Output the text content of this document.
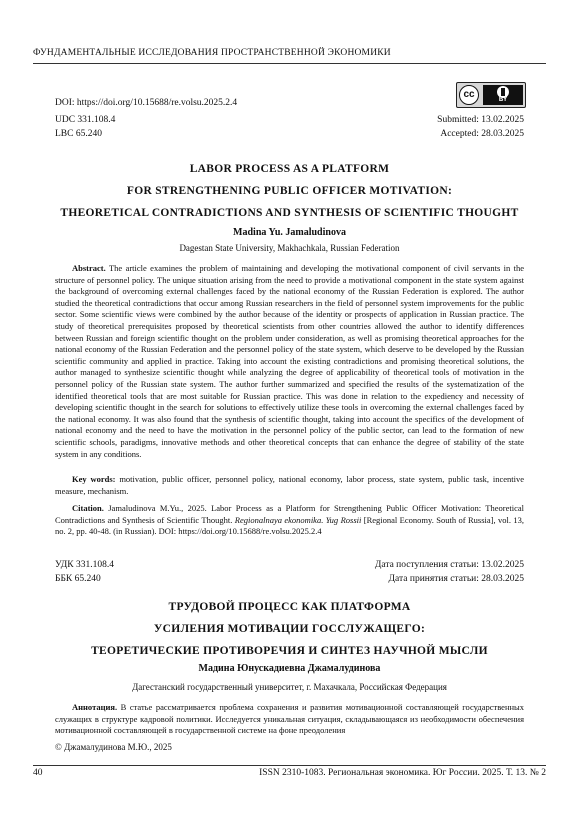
ФУНДАМЕНТАЛЬНЫЕ ИССЛЕДОВАНИЯ ПРОСТРАНСТВЕННОЙ ЭКОНОМИКИ
DOI: https://doi.org/10.15688/re.volsu.2025.2.4
cc	BY
UDC 331.108.4
LBC 65.240
Submitted: 13.02.2025
Accepted: 28.03.2025
LABOR PROCESS AS A PLATFORM
FOR STRENGTHENING PUBLIC OFFICER MOTIVATION:
THEORETICAL CONTRADICTIONS AND SYNTHESIS OF SCIENTIFIC THOUGHT
Madina Yu. Jamaludinova
Dagestan State University, Makhachkala, Russian Federation

Abstract. The article examines the problem of maintaining and developing the motivational component of civil servants in the structure of personnel policy. The unique situation arising from the need to provide a motivational component in the state system against the background of overcoming external challenges faced by the national economy of the Russian Federation is explored. The author studied the theoretical contradictions that occur among Russian researchers in the field of personnel system improvements for the public sector. Some scientific views were combined by the author because of the identity or prospects of application in Russian practice. The study of theoretical prerequisites proposed by theoretical scientists from other countries allowed the author to identify differences between Russian and foreign scientific thought on the problem under consideration, as well as promising theoretical approaches for the national economy of the Russian Federation and the personnel policy of the state system, which deserve to be developed by the Russian scientific community and applied in practice. Taking into account the existing contradictions and promising theoretical solutions, the author managed to synthesize scientific thought while analyzing the degree of applicability of theoretical tools of motivation in the personnel policy of the Russian state system. The author further summarized and specified the results of the systematization of the identified theoretical tools that are most suitable for Russian practice. This was done in relation to the expediency and necessity of developing scientific thought in the search for solutions to effectively utilize these tools in overcoming the external challenges faced by the national economy. It was also found that the synthesis of scientific thought, taking into account the specifics of the development of national economy and the need to have the motivation in the personnel policy of the public sector, can lead to the formation of new scientific schools, paradigms, innovative methods and other theoretical concepts that can enhance the degree of stability of the state system in any conditions.

Key words: motivation, public officer, personnel policy, national economy, labor process, state system, public task, incentive measure, mechanism.

Citation. Jamaludinova M.Yu., 2025. Labor Process as a Platform for Strengthening Public Officer Motivation: Theoretical Contradictions and Synthesis of Scientific Thought. Regionalnaya ekonomika. Yug Rossii [Regional Economy. South of Russia], vol. 13, no. 2, pp. 40-48. (in Russian). DOI: https://doi.org/10.15688/re.volsu.2025.2.4

УДК 331.108.4
ББК 65.240
Дата поступления статьи: 13.02.2025
Дата принятия статьи: 28.03.2025
ТРУДОВОЙ ПРОЦЕСС КАК ПЛАТФОРМА
УСИЛЕНИЯ МОТИВАЦИИ ГОССЛУЖАЩЕГО:
ТЕОРЕТИЧЕСКИЕ ПРОТИВОРЕЧИЯ И СИНТЕЗ НАУЧНОЙ МЫСЛИ
Мадина Юнускадиевна Джамалудинова
Дагестанский государственный университет, г. Махачкала, Российская Федерация

Аннотация. В статье рассматривается проблема сохранения и развития мотивационной составляющей государственных служащих в структуре кадровой политики. Исследуется уникальная ситуация, складывающаяся из необходимости обеспечения мотивационной составляющей в государственной системе на фоне преодоления

© Джамалудинова М.Ю., 2025
40	ISSN 2310-1083. Региональная экономика. Юг России. 2025. Т. 13. № 2
